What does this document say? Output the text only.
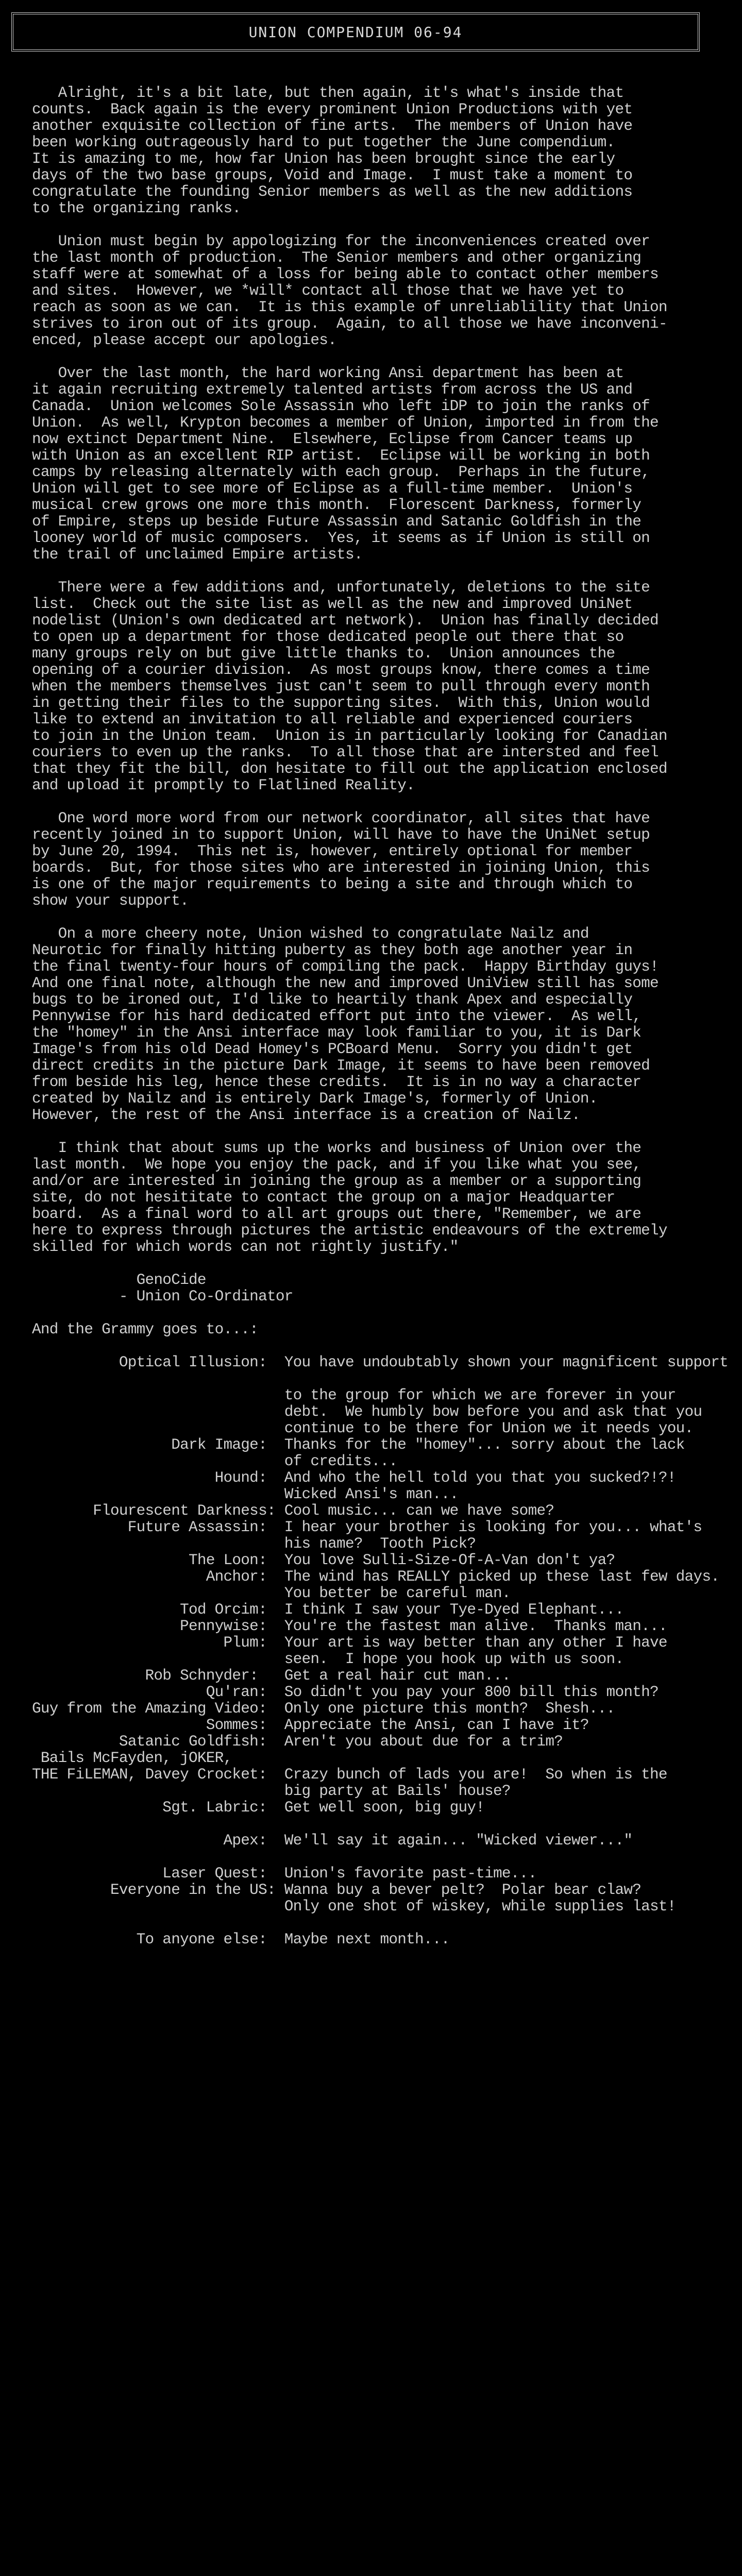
UNION COMPENDIUM 06-94
Alright, it's a bit late, but then again, it's what's inside that
counts.  Back again is the every prominent Union Productions with yet
another exquisite collection of fine arts.  The members of Union have
been working outrageously hard to put together the June compendium.
It is amazing to me, how far Union has been brought since the early
days of the two base groups, Void and Image.  I must take a moment to
congratulate the founding Senior members as well as the new additions
to the organizing ranks.

Union must begin by appologizing for the inconveniences created over
the last month of production.  The Senior members and other organizing
staff were at somewhat of a loss for being able to contact other members
and sites.  However, we *will* contact all those that we have yet to
reach as soon as we can.  It is this example of unreliablility that Union
strives to iron out of its group.  Again, to all those we have inconveni-
enced, please accept our apologies.

Over the last month, the hard working Ansi department has been at
it again recruiting extremely talented artists from across the US and
Canada.  Union welcomes Sole Assassin who left iDP to join the ranks of
Union.  As well, Krypton becomes a member of Union, imported in from the
now extinct Department Nine.  Elsewhere, Eclipse from Cancer teams up
with Union as an excellent RIP artist.  Eclipse will be working in both
camps by releasing alternately with each group.  Perhaps in the future,
Union will get to see more of Eclipse as a full-time member.  Union's
musical crew grows one more this month.  Florescent Darkness, formerly
of Empire, steps up beside Future Assassin and Satanic Goldfish in the
looney world of music composers.  Yes, it seems as if Union is still on
the trail of unclaimed Empire artists.

There were a few additions and, unfortunately, deletions to the site
list.  Check out the site list as well as the new and improved UniNet
nodelist (Union's own dedicated art network).  Union has finally decided
to open up a department for those dedicated people out there that so
many groups rely on but give little thanks to.  Union announces the
opening of a courier division.  As most groups know, there comes a time
when the members themselves just can't seem to pull through every month
in getting their files to the supporting sites.  With this, Union would
like to extend an invitation to all reliable and experienced couriers
to join in the Union team.  Union is in particularly looking for Canadian
couriers to even up the ranks.  To all those that are intersted and feel
that they fit the bill, don hesitate to fill out the application enclosed
and upload it promptly to Flatlined Reality.

One word more word from our network coordinator, all sites that have
recently joined in to support Union, will have to have the UniNet setup
by June 20, 1994.  This net is, however, entirely optional for member
boards.  But, for those sites who are interested in joining Union, this
is one of the major requirements to being a site and through which to
show your support.

On a more cheery note, Union wished to congratulate Nailz and
Neurotic for finally hitting puberty as they both age another year in
the final twenty-four hours of compiling the pack.  Happy Birthday guys!
And one final note, although the new and improved UniView still has some
bugs to be ironed out, I'd like to heartily thank Apex and especially
Pennywise for his hard dedicated effort put into the viewer.  As well,
the "homey" in the Ansi interface may look familiar to you, it is Dark
Image's from his old Dead Homey's PCBoard Menu.  Sorry you didn't get
direct credits in the picture Dark Image, it seems to have been removed
from beside his leg, hence these credits.  It is in no way a character
created by Nailz and is entirely Dark Image's, formerly of Union.
However, the rest of the Ansi interface is a creation of Nailz.

I think that about sums up the works and business of Union over the
last month.  We hope you enjoy the pack, and if you like what you see,
and/or are interested in joining the group as a member or a supporting
site, do not hesititate to contact the group on a major Headquarter
board.  As a final word to all art groups out there, "Remember, we are
here to express through pictures the artistic endeavours of the extremely
skilled for which words can not rightly justify."

GenoCide
- Union Co-Ordinator

And the Grammy goes to...:

Optical Illusion:  You have undoubtably shown your magnificent support

to the group for which we are forever in your
debt.  We humbly bow before you and ask that you
continue to be there for Union we it needs you.
Dark Image:  Thanks for the "homey"... sorry about the lack
of credits...
Hound:  And who the hell told you that you sucked?!?!
Wicked Ansi's man...
Flourescent Darkness: Cool music... can we have some?
Future Assassin:  I hear your brother is looking for you... what's
his name?  Tooth Pick?
The Loon:  You love Sulli-Size-Of-A-Van don't ya?
Anchor:  The wind has REALLY picked up these last few days.
You better be careful man.
Tod Orcim:  I think I saw your Tye-Dyed Elephant...
Pennywise:  You're the fastest man alive.  Thanks man...
Plum:  Your art is way better than any other I have
seen.  I hope you hook up with us soon.
Rob Schnyder:   Get a real hair cut man...
Qu'ran:  So didn't you pay your 800 bill this month?
Guy from the Amazing Video:  Only one picture this month?  Shesh...
Sommes:  Appreciate the Ansi, can I have it?
Satanic Goldfish:  Aren't you about due for a trim?
Bails McFayden, jOKER,
THE FiLEMAN, Davey Crocket:  Crazy bunch of lads you are!  So when is the
big party at Bails' house?
Sgt. Labric:  Get well soon, big guy!

Apex:  We'll say it again... "Wicked viewer..."

Laser Quest:  Union's favorite past-time...
Everyone in the US: Wanna buy a bever pelt?  Polar bear claw?
Only one shot of wiskey, while supplies last!

To anyone else:  Maybe next month...
